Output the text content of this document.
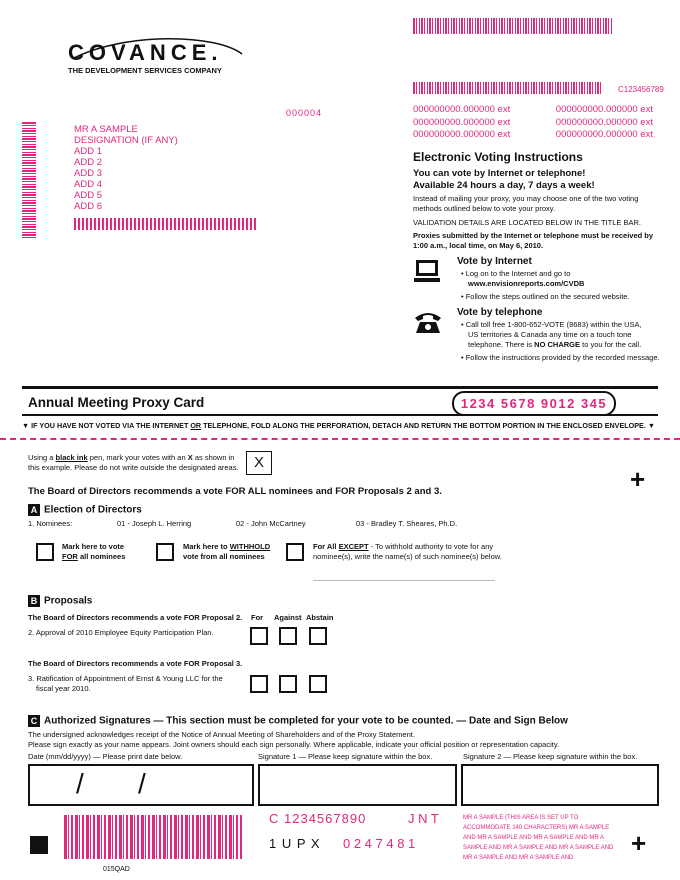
COVANCE.
THE DEVELOPMENT SERVICES COMPANY
C123456789
000004	000000000.000000 ext	000000000.000000 ext
000000000.000000 ext	000000000.000000 ext
000000000.000000 ext	000000000.000000 ext
MR A SAMPLE
DESIGNATION (IF ANY)
ADD 1
ADD 2
ADD 3
ADD 4
ADD 5
ADD 6
Electronic Voting Instructions
You can vote by Internet or telephone!
Available 24 hours a day, 7 days a week!
Instead of mailing your proxy, you may choose one of the two voting methods outlined below to vote your proxy.
VALIDATION DETAILS ARE LOCATED BELOW IN THE TITLE BAR.
Proxies submitted by the Internet or telephone must be received by 1:00 a.m., local time, on May 6, 2010.
Vote by Internet
• Log on to the Internet and go to
www.envisionreports.com/CVDB
• Follow the steps outlined on the secured website.
Vote by telephone
• Call toll free 1-800-652-VOTE (8683) within the USA,
US territories & Canada any time on a touch tone
telephone. There is NO CHARGE to you for the call.
• Follow the instructions provided by the recorded message.
Annual Meeting Proxy Card	1234 5678 9012 345
▼ IF YOU HAVE NOT VOTED VIA THE INTERNET OR TELEPHONE, FOLD ALONG THE PERFORATION, DETACH AND RETURN THE BOTTOM PORTION IN THE ENCLOSED ENVELOPE. ▼
Using a black ink pen, mark your votes with an X as shown in this example. Please do not write outside the designated areas.	X
+
The Board of Directors recommends a vote FOR ALL nominees and FOR Proposals 2 and 3.
A Election of Directors
1. Nominees:	01 - Joseph L. Herring	02 - John McCartney	03 - Bradley T. Sheares, Ph.D.
Mark here to vote
FOR all nominees
Mark here to WITHHOLD
vote from all nominees
For All EXCEPT - To withhold authority to vote for any nominee(s), write the name(s) of such nominee(s) below.
B Proposals
The Board of Directors recommends a vote FOR Proposal 2. For Against Abstain
2. Approval of 2010 Employee Equity Participation Plan.
The Board of Directors recommends a vote FOR Proposal 3.
3. Ratification of Appointment of Ernst & Young LLC for the
fiscal year 2010.
C Authorized Signatures — This section must be completed for your vote to be counted. — Date and Sign Below
The undersigned acknowledges receipt of the Notice of Annual Meeting of Shareholders and of the Proxy Statement.
Please sign exactly as your name appears. Joint owners should each sign personally. Where applicable, indicate your official position or representation capacity.
Date (mm/dd/yyyy) — Please print date below.	Signature 1 — Please keep signature within the box.	Signature 2 — Please keep signature within the box.
/ /
C 1234567890	J N T
1 U P X 0 2 4 7 4 8 1
MR A SAMPLE (THIS AREA IS SET UP TO ACCOMMODATE 140 CHARACTERS) MR A SAMPLE AND MR A SAMPLE AND MR A SAMPLE AND MR A SAMPLE AND MR A SAMPLE AND MR A SAMPLE AND MR A SAMPLE AND MR A SAMPLE AND	+
015QAD
